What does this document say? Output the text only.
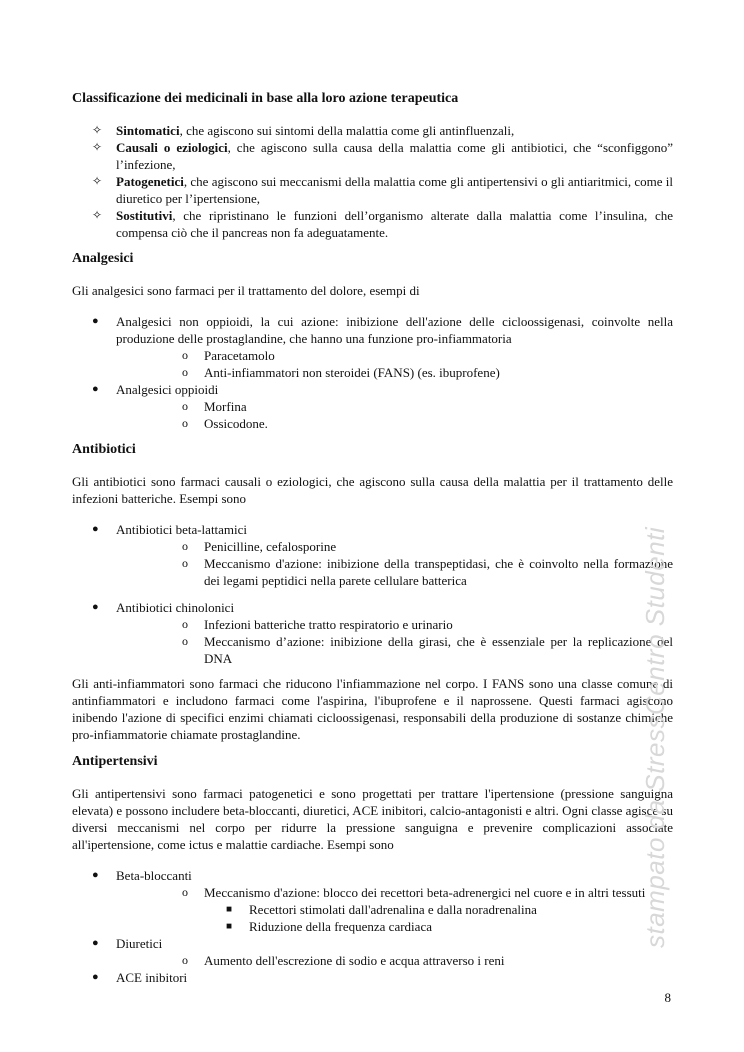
Classificazione dei medicinali in base alla loro azione terapeutica
✧ Sintomatici, che agiscono sui sintomi della malattia come gli antinfluenzali,
✧ Causali o eziologici, che agiscono sulla causa della malattia come gli antibiotici, che “sconfiggono” l’infezione,
✧ Patogenetici, che agiscono sui meccanismi della malattia come gli antipertensivi o gli antiaritmici, come il diuretico per l’ipertensione,
✧ Sostitutivi, che ripristinano le funzioni dell’organismo alterate dalla malattia come l’insulina, che compensa ciò che il pancreas non fa adeguatamente.
Analgesici

Gli analgesici sono farmaci per il trattamento del dolore, esempi di

● Analgesici non oppioidi, la cui azione: inibizione dell'azione delle cicloossigenasi, coinvolte nella produzione delle prostaglandine, che hanno una funzione pro-infiammatoria
o Paracetamolo
o Anti-infiammatori non steroidei (FANS) (es. ibuprofene)
● Analgesici oppioidi
o Morfina
o Ossicodone.
Antibiotici

Gli antibiotici sono farmaci causali o eziologici, che agiscono sulla causa della malattia per il trattamento delle infezioni batteriche. Esempi sono

● Antibiotici beta-lattamici
o Penicilline, cefalosporine
o Meccanismo d'azione: inibizione della transpeptidasi, che è coinvolto nella formazione dei legami peptidici nella parete cellulare batterica
● Antibiotici chinolonici
o Infezioni batteriche tratto respiratorio e urinario
o Meccanismo d’azione: inibizione della girasi, che è essenziale per la replicazione del DNA

Gli anti-infiammatori sono farmaci che riducono l'infiammazione nel corpo. I FANS sono una classe comune di antinfiammatori e includono farmaci come l'aspirina, l'ibuprofene e il naprossene. Questi farmaci agiscono inibendo l'azione di specifici enzimi chiamati cicloossigenasi, responsabili della produzione di sostanze chimiche pro-infiammatorie chiamate prostaglandine.

Antipertensivi

Gli antipertensivi sono farmaci patogenetici e sono progettati per trattare l'ipertensione (pressione sanguigna elevata) e possono includere beta-bloccanti, diuretici, ACE inibitori, calcio-antagonisti e altri. Ogni classe agisce su diversi meccanismi nel corpo per ridurre la pressione sanguigna e prevenire complicazioni associate all'ipertensione, come ictus e malattie cardiache. Esempi sono

● Beta-bloccanti
o Meccanismo d'azione: blocco dei recettori beta-adrenergici nel cuore e in altri tessuti
■ Recettori stimolati dall'adrenalina e dalla noradrenalina
■ Riduzione della frequenza cardiaca
● Diuretici
o Aumento dell'escrezione di sodio e acqua attraverso i reni
● ACE inibitori
stampato da StressCentro Studenti
8
